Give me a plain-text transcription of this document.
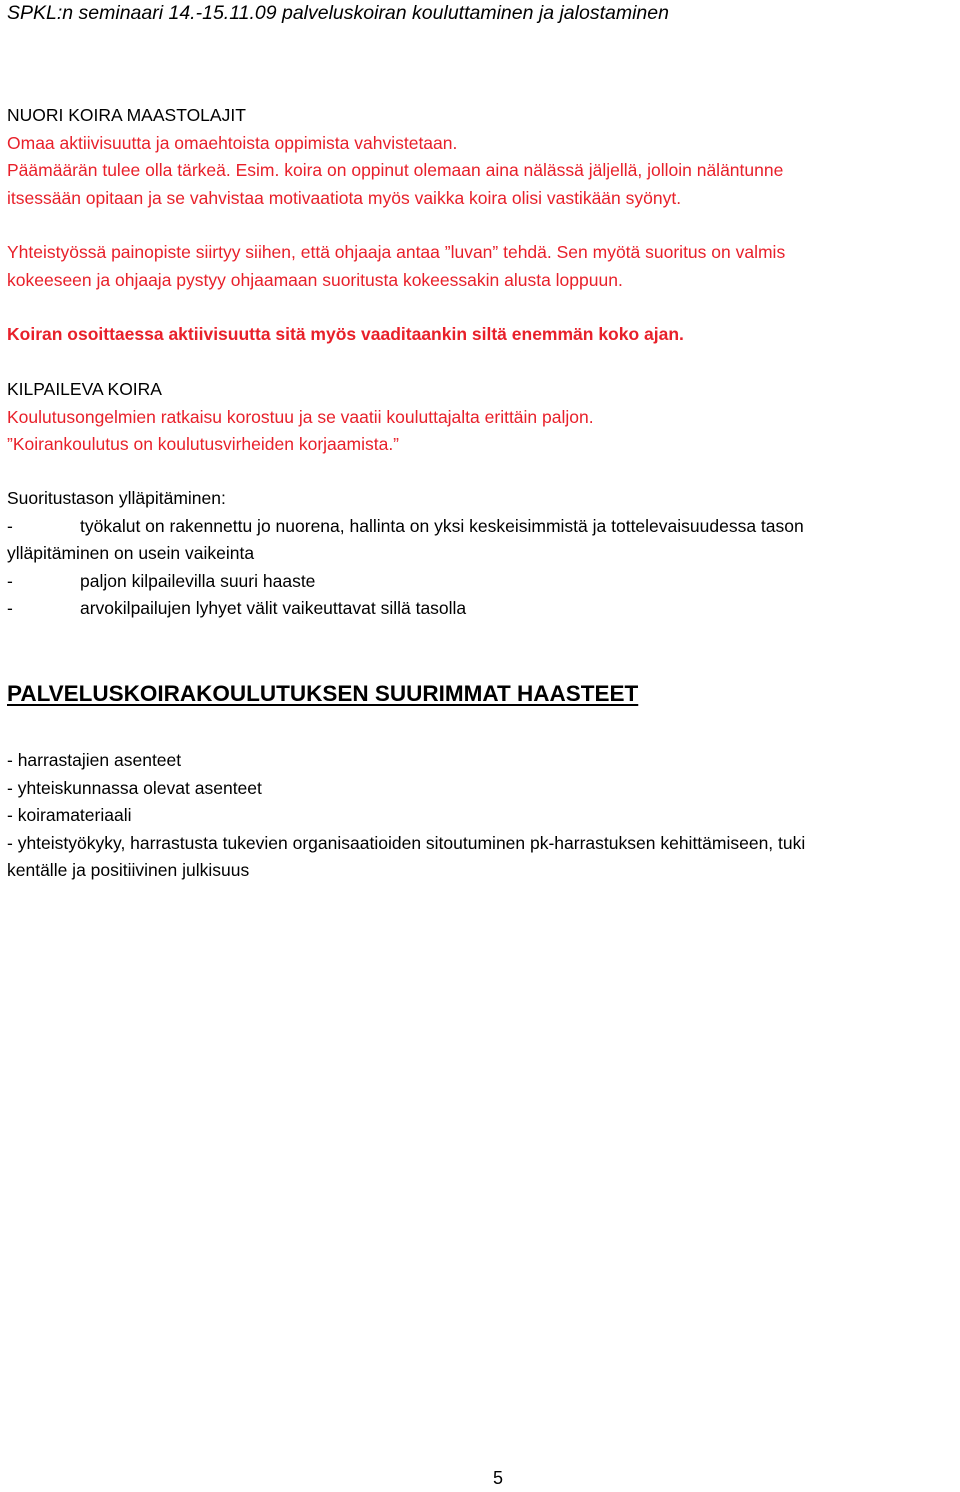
SPKL:n seminaari 14.-15.11.09 palveluskoiran kouluttaminen ja jalostaminen
NUORI KOIRA MAASTOLAJIT
Omaa aktiivisuutta ja omaehtoista oppimista vahvistetaan.
Päämäärän tulee olla tärkeä. Esim. koira on oppinut olemaan aina nälässä jäljellä, jolloin näläntunne
itsessään opitaan ja se vahvistaa motivaatiota myös vaikka koira olisi vastikään syönyt.
Yhteistyössä painopiste siirtyy siihen, että ohjaaja antaa ”luvan” tehdä. Sen myötä suoritus on valmis
kokeeseen ja ohjaaja pystyy ohjaamaan suoritusta kokeessakin alusta loppuun.
Koiran osoittaessa aktiivisuutta sitä myös vaaditaankin siltä enemmän koko ajan.
KILPAILEVA KOIRA
Koulutusongelmien ratkaisu korostuu ja se vaatii kouluttajalta erittäin paljon.
”Koirankoulutus on koulutusvirheiden korjaamista.”
Suoritustason ylläpitäminen:
-	työkalut on rakennettu jo nuorena, hallinta on yksi keskeisimmistä ja tottelevaisuudessa tason
ylläpitäminen on usein vaikeinta
-	paljon kilpailevilla suuri haaste
-	arvokilpailujen lyhyet välit vaikeuttavat sillä tasolla
PALVELUSKOIRAKOULUTUKSEN SUURIMMAT HAASTEET
- harrastajien asenteet
- yhteiskunnassa olevat asenteet
- koiramateriaali
- yhteistyökyky, harrastusta tukevien organisaatioiden sitoutuminen pk-harrastuksen kehittämiseen, tuki
kentälle ja positiivinen julkisuus
5
